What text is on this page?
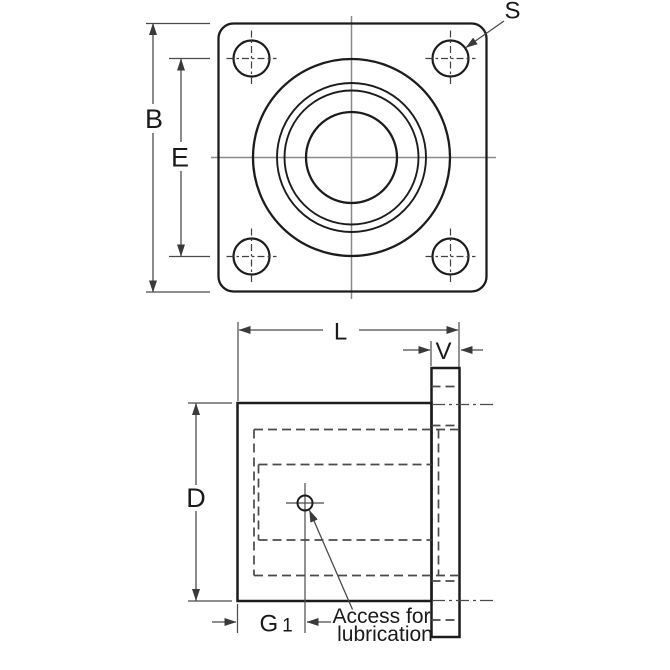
B
E
S
L
V
D
G 1 Access for
lubrication
